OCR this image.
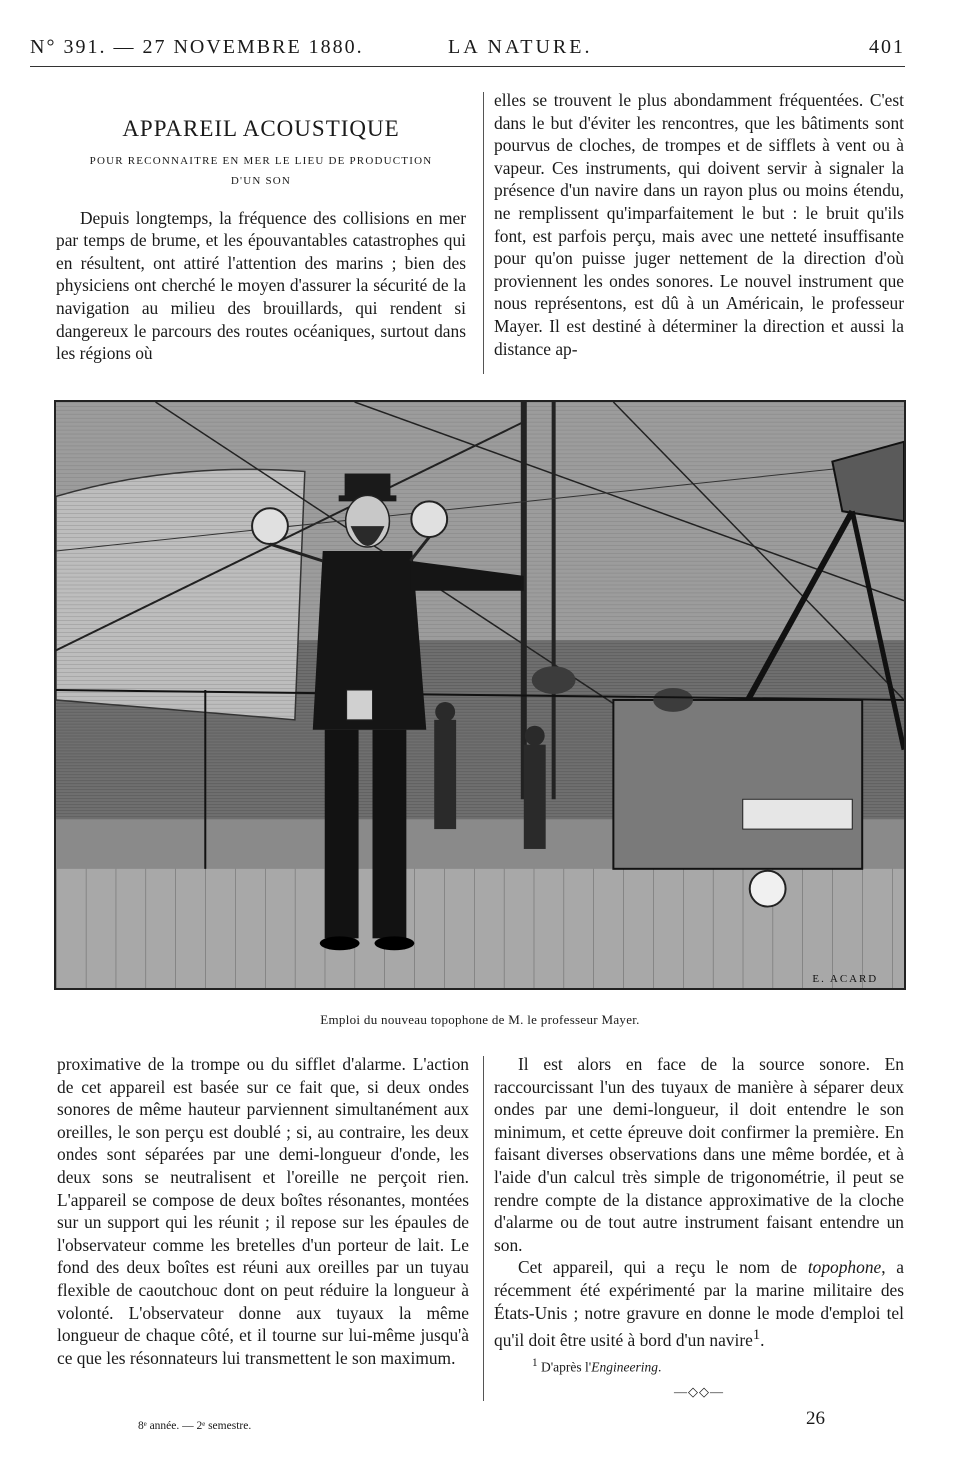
N° 391. — 27 NOVEMBRE 1880.	LA NATURE.	401
APPAREIL ACOUSTIQUE
POUR RECONNAITRE EN MER LE LIEU DE PRODUCTION
D'UN SON

Depuis longtemps, la fréquence des collisions en mer par temps de brume, et les épouvantables catastrophes qui en résultent, ont attiré l'attention des marins ; bien des physiciens ont cherché le moyen d'assurer la sécurité de la navigation au milieu des brouillards, qui rendent si dangereux le parcours des routes océaniques, surtout dans les régions où

elles se trouvent le plus abondamment fréquentées. C'est dans le but d'éviter les rencontres, que les bâtiments sont pourvus de cloches, de trompes et de sifflets à vent ou à vapeur. Ces instruments, qui doivent servir à signaler la présence d'un navire dans un rayon plus ou moins étendu, ne remplissent qu'imparfaitement le but : le bruit qu'ils font, est parfois perçu, mais avec une netteté insuffisante pour qu'on puisse juger nettement de la direction d'où proviennent les ondes sonores. Le nouvel instrument que nous représentons, est dû à un Américain, le professeur Mayer. Il est destiné à déterminer la direction et aussi la distance ap-

E. ACARD
Emploi du nouveau topophone de M. le professeur Mayer.

proximative de la trompe ou du sifflet d'alarme. L'action de cet appareil est basée sur ce fait que, si deux ondes sonores de même hauteur parviennent simultanément aux oreilles, le son perçu est doublé ; si, au contraire, les deux ondes sont séparées par une demi-longueur d'onde, les deux sons se neutralisent et l'oreille ne perçoit rien. L'appareil se compose de deux boîtes résonantes, montées sur un support qui les réunit ; il repose sur les épaules de l'observateur comme les bretelles d'un porteur de lait. Le fond des deux boîtes est réuni aux oreilles par un tuyau flexible de caoutchouc dont on peut réduire la longueur à volonté. L'observateur donne aux tuyaux la même longueur de chaque côté, et il tourne sur lui-même jusqu'à ce que les résonnateurs lui transmettent le son maximum.

Il est alors en face de la source sonore. En raccourcissant l'un des tuyaux de manière à séparer deux ondes par une demi-longueur, il doit entendre le son minimum, et cette épreuve doit confirmer la première. En faisant diverses observations dans une même bordée, et à l'aide d'un calcul très simple de trigonométrie, il peut se rendre compte de la distance approximative de la cloche d'alarme ou de tout autre instrument faisant entendre un son.

Cet appareil, qui a reçu le nom de topophone, a récemment été expérimenté par la marine militaire des États-Unis ; notre gravure en donne le mode d'emploi tel qu'il doit être usité à bord d'un navire$^1$.

$^1$ D'après l'Engineering.

—◇◇—
8ᵉ année. — 2ᵉ semestre.	26
